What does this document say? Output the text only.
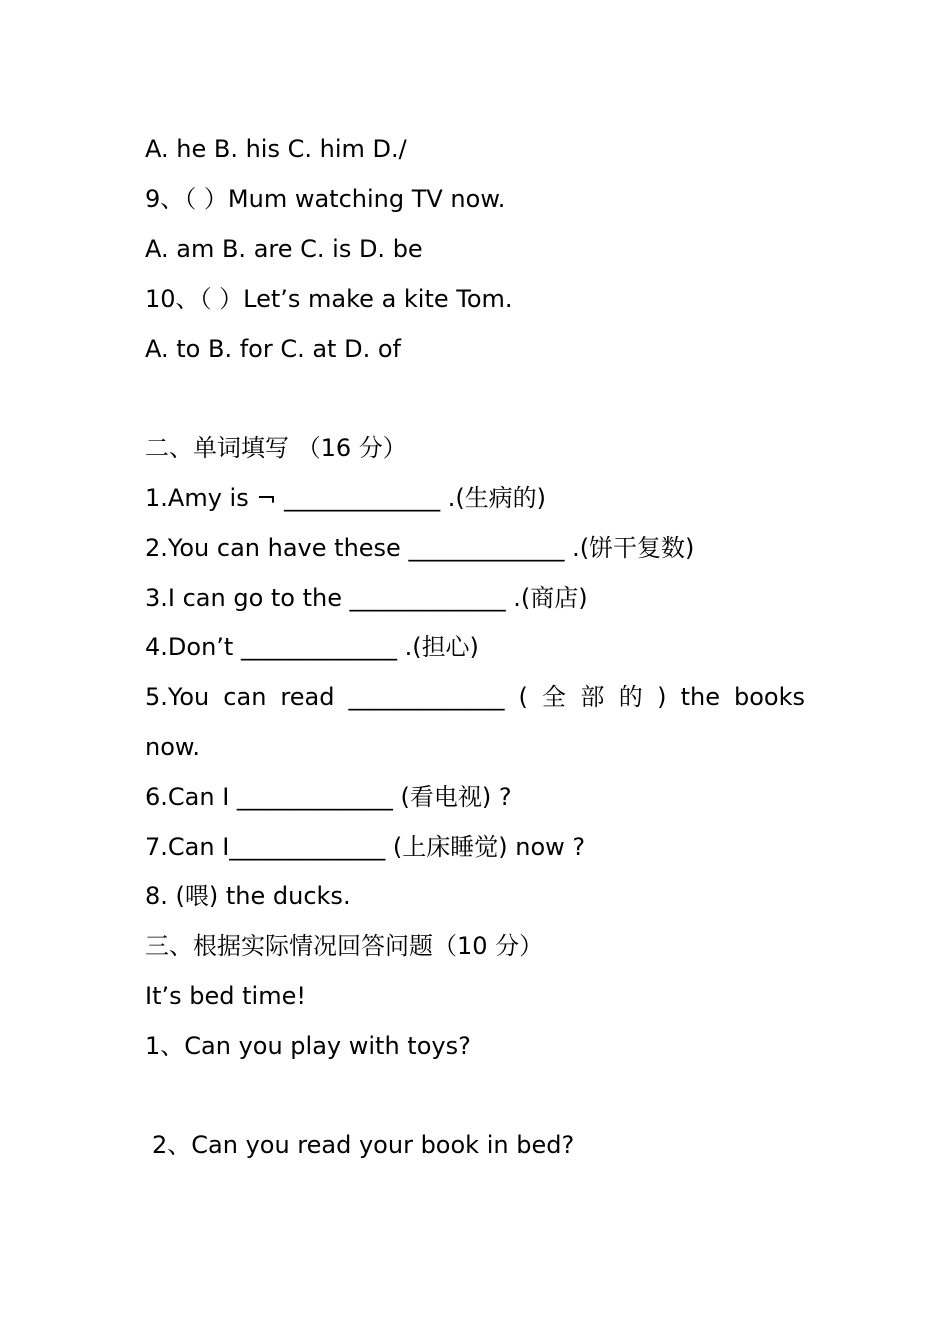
A. he B. his C. him D./
9、（ ）Mum watching TV now.
A. am B. are C. is D. be
10、（ ）Let’s make a kite Tom.
A. to B. for C. at D. of
二、单词填写 （16 分）
1.Amy is ¬ _____________ .(生病的)
2.You can have these _____________ .(饼干复数)
3.I can go to the _____________ .(商店)
4.Don’t _____________ .(担心)
5.You can read _____________ ( 全 部 的 ) the books
now.
6.Can I _____________ (看电视) ?
7.Can I_____________ (上床睡觉) now ?
8. (喂) the ducks.
三、根据实际情况回答问题（10 分）
It’s bed time!
1、Can you play with toys?
2、Can you read your book in bed?
